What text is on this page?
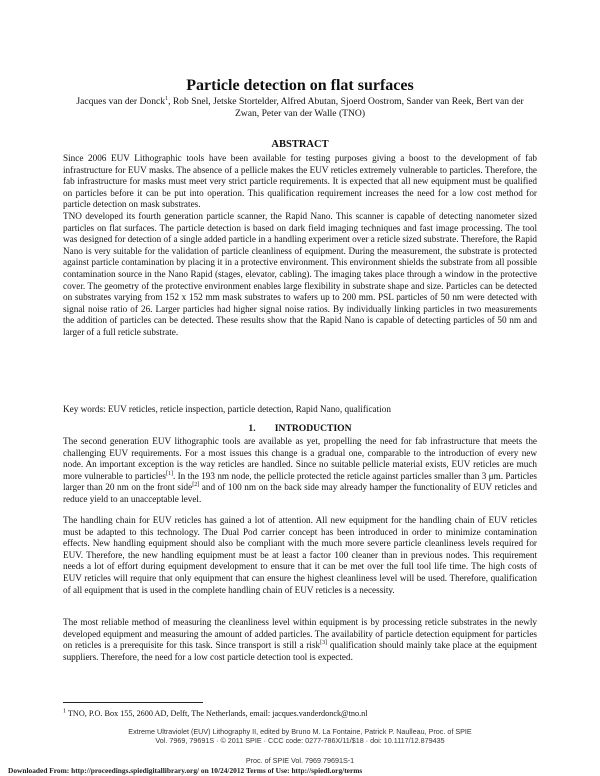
Particle detection on flat surfaces
Jacques van der Donck$^1$, Rob Snel, Jetske Stortelder, Alfred Abutan, Sjoerd Oostrom, Sander van Reek, Bert van der
Zwan, Peter van der Walle (TNO)
ABSTRACT

Since 2006 EUV Lithographic tools have been available for testing purposes giving a boost to the development of fab infrastructure for EUV masks. The absence of a pellicle makes the EUV reticles extremely vulnerable to particles. Therefore, the fab infrastructure for masks must meet very strict particle requirements. It is expected that all new equipment must be qualified on particles before it can be put into operation. This qualification requirement increases the need for a low cost method for particle detection on mask substrates.

TNO developed its fourth generation particle scanner, the Rapid Nano. This scanner is capable of detecting nanometer sized particles on flat surfaces. The particle detection is based on dark field imaging techniques and fast image processing. The tool was designed for detection of a single added particle in a handling experiment over a reticle sized substrate. Therefore, the Rapid Nano is very suitable for the validation of particle cleanliness of equipment. During the measurement, the substrate is protected against particle contamination by placing it in a protective environment. This environment shields the substrate from all possible contamination source in the Nano Rapid (stages, elevator, cabling). The imaging takes place through a window in the protective cover. The geometry of the protective environment enables large flexibility in substrate shape and size. Particles can be detected on substrates varying from 152 x 152 mm mask substrates to wafers up to 200 mm. PSL particles of 50 nm were detected with signal noise ratio of 26. Larger particles had higher signal noise ratios. By individually linking particles in two measurements the addition of particles can be detected. These results show that the Rapid Nano is capable of detecting particles of 50 nm and larger of a full reticle substrate.

Key words: EUV reticles, reticle inspection, particle detection, Rapid Nano, qualification

1.        INTRODUCTION

The second generation EUV lithographic tools are available as yet, propelling the need for fab infrastructure that meets the challenging EUV requirements. For a most issues this change is a gradual one, comparable to the introduction of every new node. An important exception is the way reticles are handled. Since no suitable pellicle material exists, EUV reticles are much more vulnerable to particles[1]. In the 193 nm node, the pellicle protected the reticle against particles smaller than 3 μm. Particles larger than 20 nm on the front side[2] and of 100 nm on the back side may already hamper the functionality of EUV reticles and reduce yield to an unacceptable level.

The handling chain for EUV reticles has gained a lot of attention. All new equipment for the handling chain of EUV reticles must be adapted to this technology. The Dual Pod carrier concept has been introduced in order to minimize contamination effects. New handling equipment should also be compliant with the much more severe particle cleanliness levels required for EUV. Therefore, the new handling equipment must be at least a factor 100 cleaner than in previous nodes. This requirement needs a lot of effort during equipment development to ensure that it can be met over the full tool life time. The high costs of EUV reticles will require that only equipment that can ensure the highest cleanliness level will be used. Therefore, qualification of all equipment that is used in the complete handling chain of EUV reticles is a necessity.

The most reliable method of measuring the cleanliness level within equipment is by processing reticle substrates in the newly developed equipment and measuring the amount of added particles. The availability of particle detection equipment for particles on reticles is a prerequisite for this task. Since transport is still a risk[3] qualification should mainly take place at the equipment suppliers. Therefore, the need for a low cost particle detection tool is expected.

$^1$ TNO, P.O. Box 155, 2600 AD, Delft, The Netherlands, email: jacques.vanderdonck@tno.nl
Extreme Ultraviolet (EUV) Lithography II, edited by Bruno M. La Fontaine, Patrick P. Naulleau, Proc. of SPIE
Vol. 7969, 79691S · © 2011 SPIE · CCC code: 0277-786X/11/$18 · doi: 10.1117/12.879435
Proc. of SPIE Vol. 7969 79691S-1
Downloaded From: http://proceedings.spiedigitallibrary.org/ on 10/24/2012 Terms of Use: http://spiedl.org/terms
